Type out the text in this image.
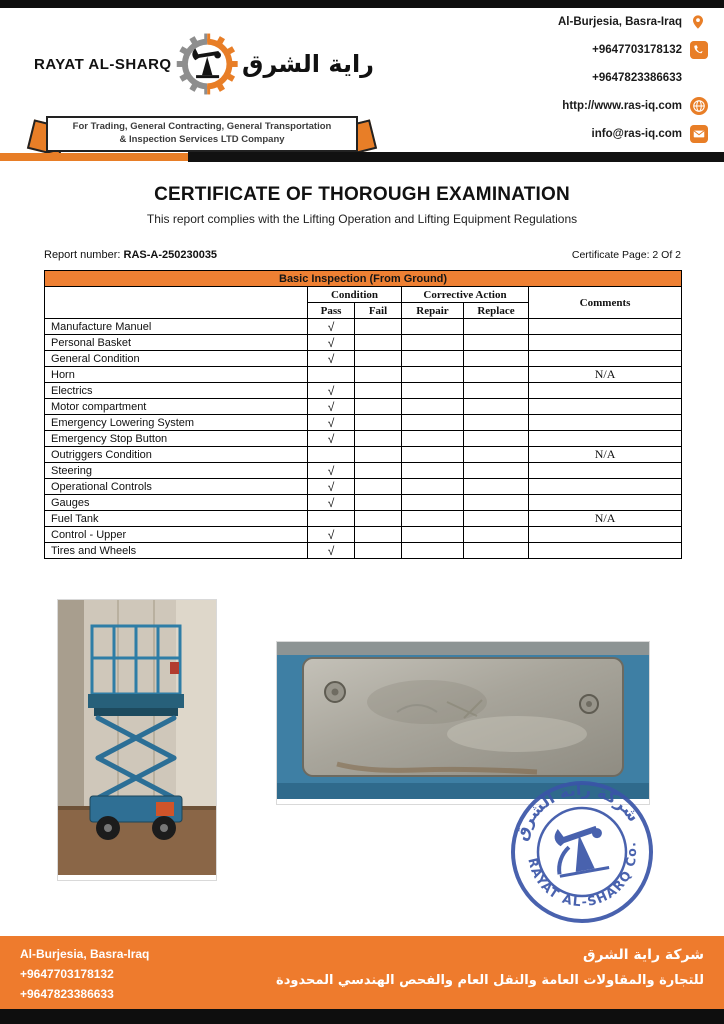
RAYAT AL-SHARQ	راية الشرق
For Trading, General Contracting, General Transportation
& Inspection Services LTD Company
Al-Burjesia, Basra-Iraq
+9647703178132
+9647823386633
http://www.ras-iq.com
info@ras-iq.com
CERTIFICATE OF THOROUGH EXAMINATION
This report complies with the Lifting Operation and Lifting Equipment Regulations
Report number: RAS-A-250230035	Certificate Page: 2 Of 2
Basic Inspection (From Ground)					
	Condition		Corrective Action		Comments
	Pass	Fail	Repair	Replace	
Manufacture Manuel	√				
Personal Basket	√				
General Condition	√				
Horn					N/A
Electrics	√				
Motor compartment	√				
Emergency Lowering System	√				
Emergency Stop Button	√				
Outriggers Condition					N/A
Steering	√				
Operational Controls	√				
Gauges	√				
Fuel Tank					N/A
Control - Upper	√				
Tires and Wheels	√				
شركة راية الشرق
RAYAT AL-SHARQ Co.
Al-Burjesia, Basra-Iraq
+9647703178132
+9647823386633
شركة راية الشرق
للتجارة والمقاولات العامة والنقل العام والفحص الهندسي المحدودة
